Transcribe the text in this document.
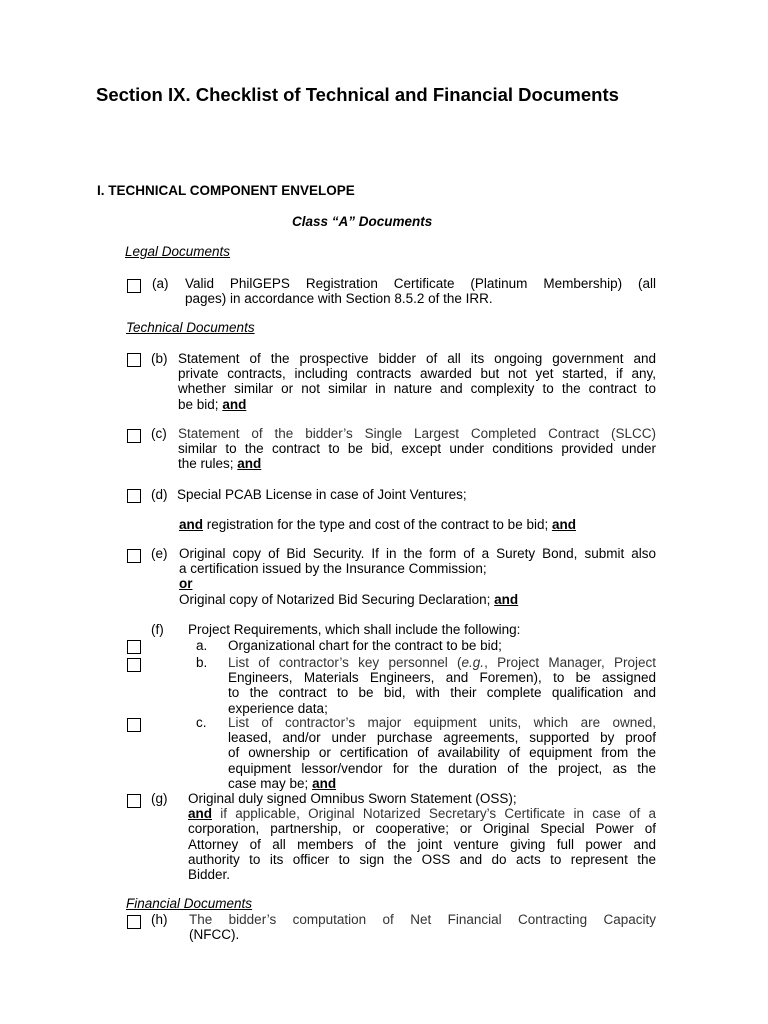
Section IX. Checklist of Technical and Financial Documents
I. TECHNICAL COMPONENT ENVELOPE
Class “A” Documents
Legal Documents
(a) Valid PhilGEPS Registration Certificate (Platinum Membership) (all
pages) in accordance with Section 8.5.2 of the IRR.
Technical Documents
(b) Statement of the prospective bidder of all its ongoing government and
private contracts, including contracts awarded but not yet started, if any,
whether similar or not similar in nature and complexity to the contract to
be bid; and
(c) Statement of the bidder’s Single Largest Completed Contract (SLCC)
similar to the contract to be bid, except under conditions provided under
the rules; and
(d) Special PCAB License in case of Joint Ventures;
and registration for the type and cost of the contract to be bid; and
(e) Original copy of Bid Security. If in the form of a Surety Bond, submit also
a certification issued by the Insurance Commission;
or
Original copy of Notarized Bid Securing Declaration; and
(f) Project Requirements, which shall include the following:
a. Organizational chart for the contract to be bid;
b. List of contractor’s key personnel (e.g., Project Manager, Project
Engineers, Materials Engineers, and Foremen), to be assigned
to the contract to be bid, with their complete qualification and
experience data;
c. List of contractor’s major equipment units, which are owned,
leased, and/or under purchase agreements, supported by proof
of ownership or certification of availability of equipment from the
equipment lessor/vendor for the duration of the project, as the
case may be; and
(g) Original duly signed Omnibus Sworn Statement (OSS);
and if applicable, Original Notarized Secretary’s Certificate in case of a
corporation, partnership, or cooperative; or Original Special Power of
Attorney of all members of the joint venture giving full power and
authority to its officer to sign the OSS and do acts to represent the
Bidder.
Financial Documents
(h) The bidder’s computation of Net Financial Contracting Capacity
(NFCC).
